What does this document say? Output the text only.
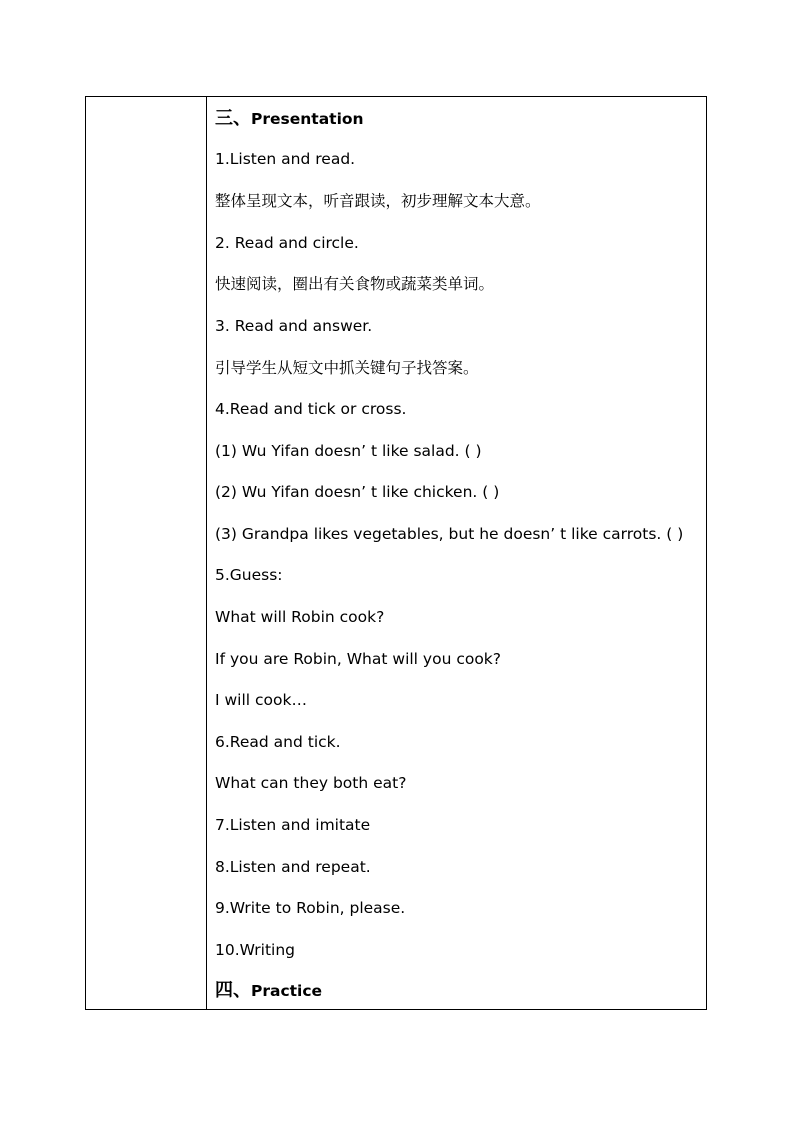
三、Presentation
1.Listen and read.
整体呈现文本，听音跟读，初步理解文本大意。
2. Read and circle.
快速阅读，圈出有关食物或蔬菜类单词。
3. Read and answer.
引导学生从短文中抓关键句子找答案。
4.Read and tick or cross.
(1) Wu Yifan doesn’ t like salad. ( )
(2) Wu Yifan doesn’ t like chicken. ( )
(3) Grandpa likes vegetables, but he doesn’ t like carrots. ( )
5.Guess:
What will Robin cook?
If you are Robin, What will you cook?
I will cook…
6.Read and tick.
What can they both eat?
7.Listen and imitate
8.Listen and repeat.
9.Write to Robin, please.
10.Writing
四、Practice
